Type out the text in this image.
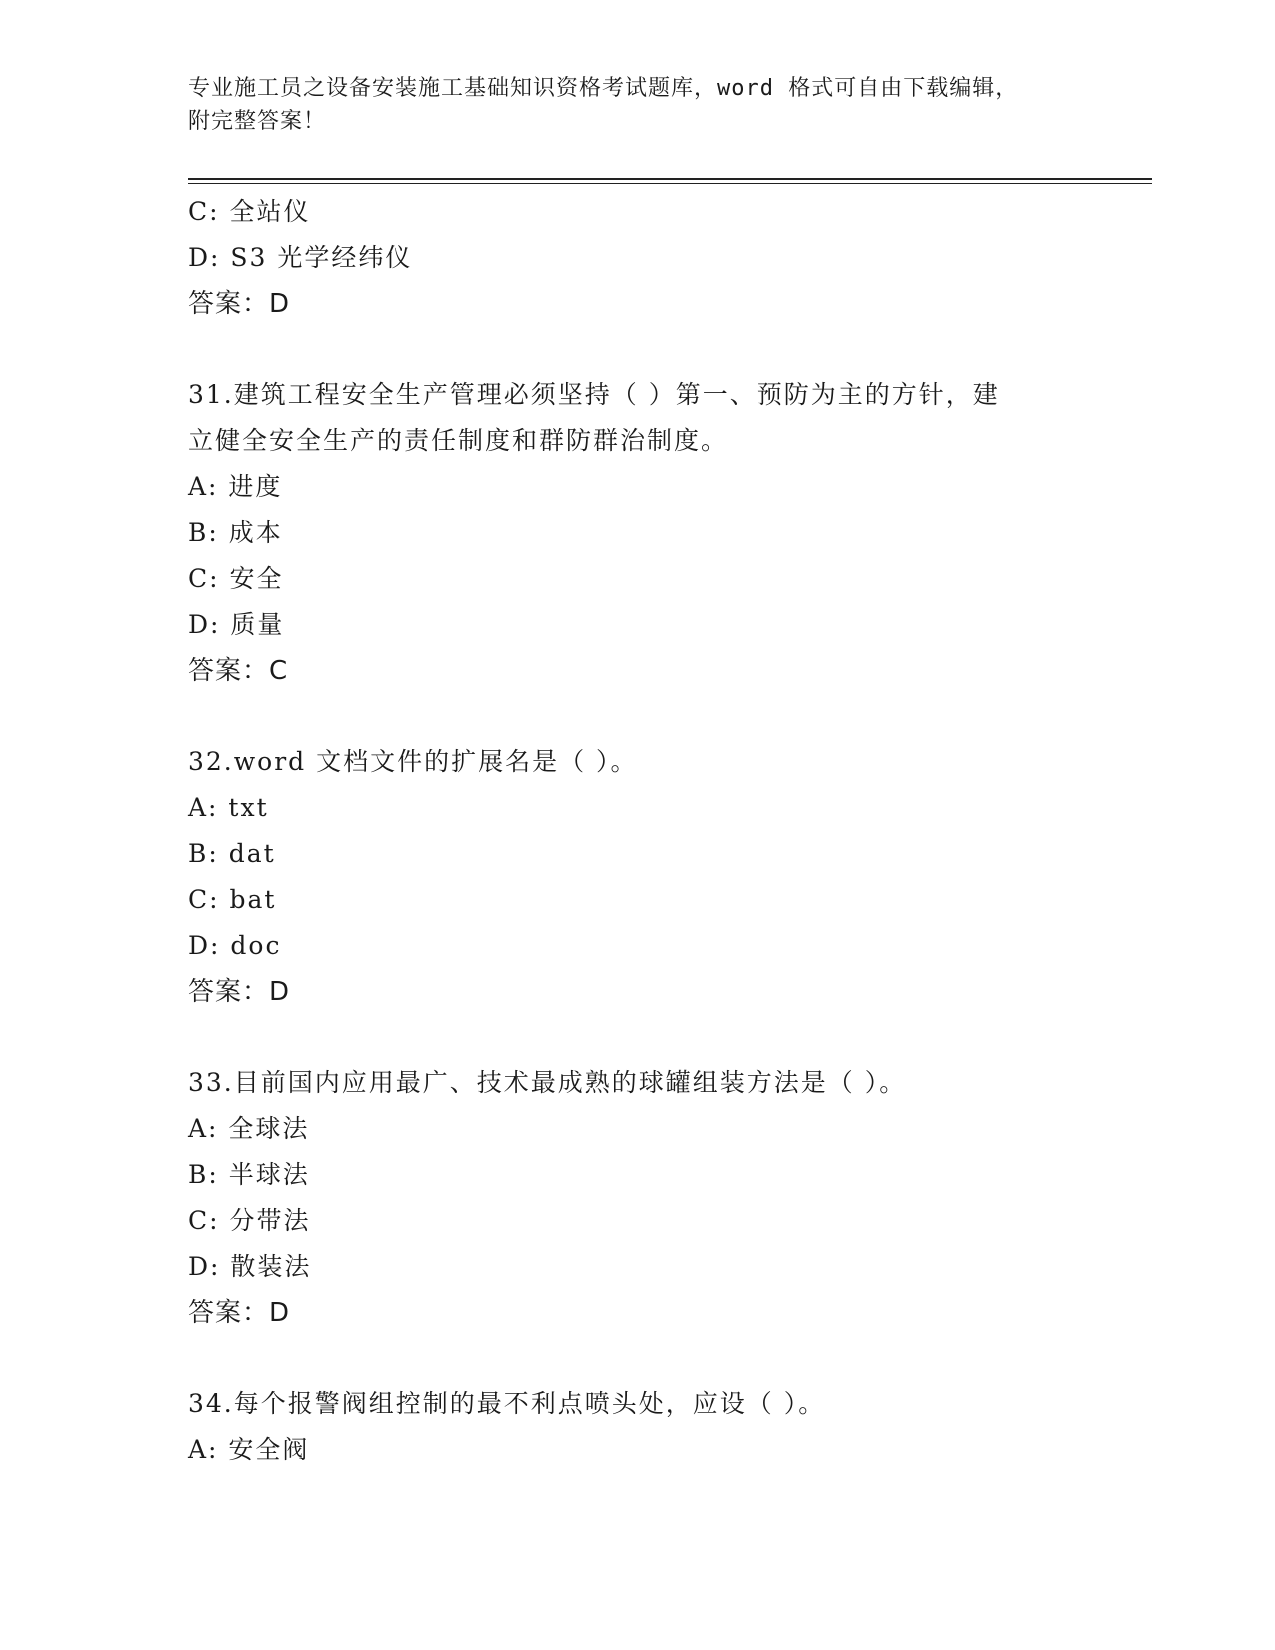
专业施工员之设备安装施工基础知识资格考试题库，word 格式可自由下载编辑，
附完整答案！
C: 全站仪
D: S3 光学经纬仪
答案：D
31.建筑工程安全生产管理必须坚持（ ）第一、预防为主的方针，建
立健全安全生产的责任制度和群防群治制度。
A: 进度
B: 成本
C: 安全
D: 质量
答案：C
32.word 文档文件的扩展名是（ ）。
A: txt
B: dat
C: bat
D: doc
答案：D
33.目前国内应用最广、技术最成熟的球罐组装方法是（ ）。
A: 全球法
B: 半球法
C: 分带法
D: 散装法
答案：D
34.每个报警阀组控制的最不利点喷头处，应设（ ）。
A: 安全阀
